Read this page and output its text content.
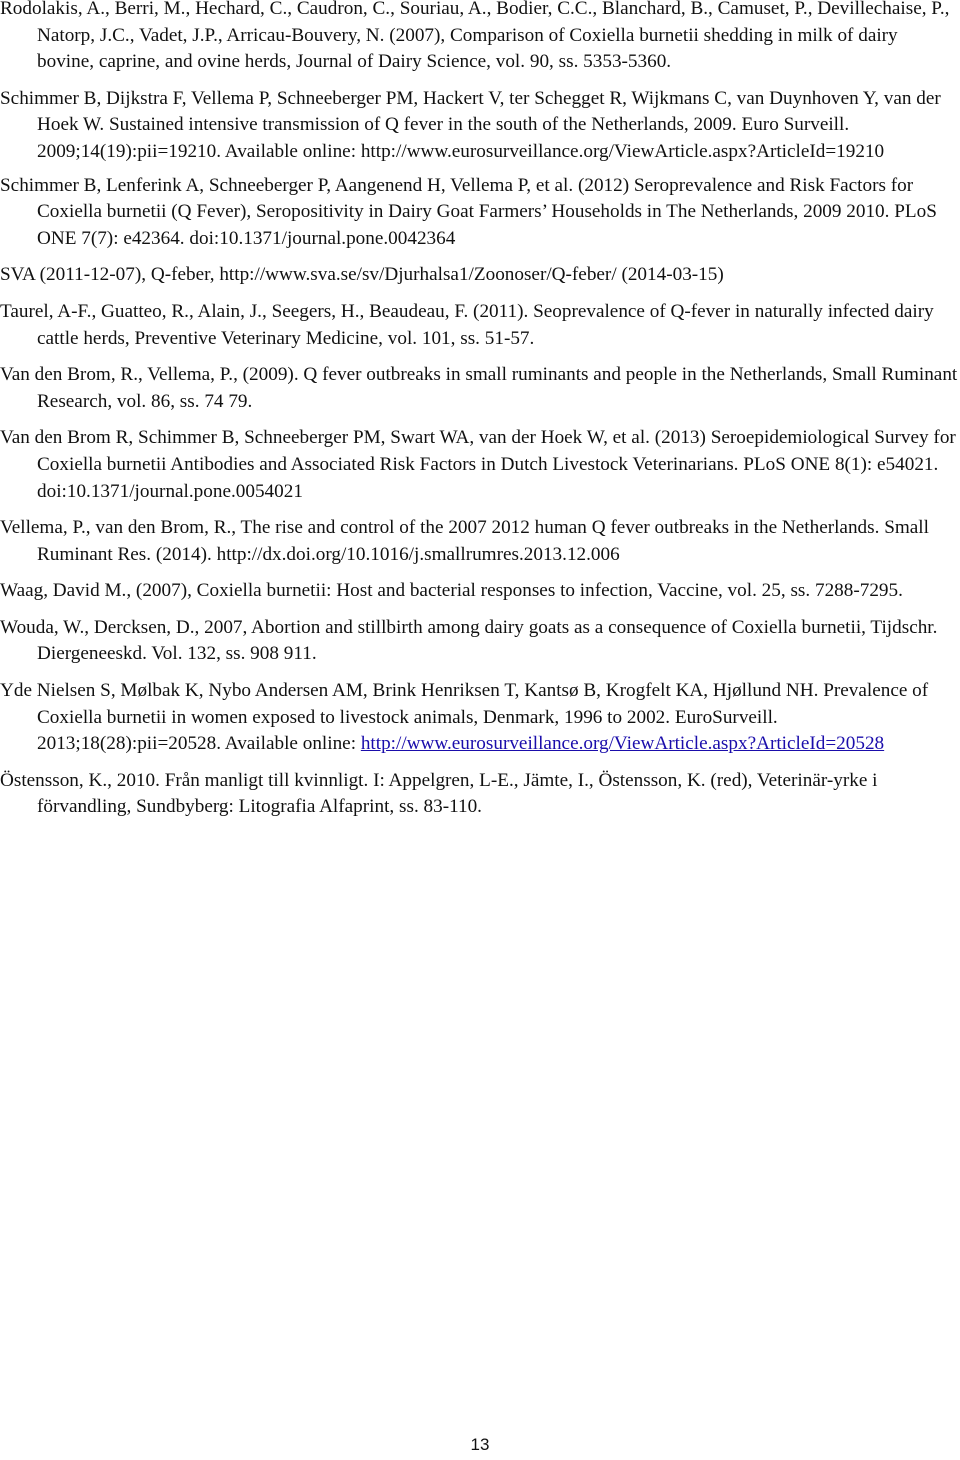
Rodolakis, A., Berri, M., Hechard, C., Caudron, C., Souriau, A., Bodier, C.C., Blanchard, B., Camuset, P., Devillechaise, P., Natorp, J.C., Vadet, J.P., Arricau-Bouvery, N. (2007), Comparison of Coxiella burnetii shedding in milk of dairy bovine, caprine, and ovine herds, Journal of Dairy Science, vol. 90, ss. 5353-5360.
Schimmer B, Dijkstra F, Vellema P, Schneeberger PM, Hackert V, ter Schegget R, Wijkmans C, van Duynhoven Y, van der Hoek W. Sustained intensive transmission of Q fever in the south of the Netherlands, 2009. Euro Surveill. 2009;14(19):pii=19210. Available online: http://www.eurosurveillance.org/ViewArticle.aspx?ArticleId=19210
Schimmer B, Lenferink A, Schneeberger P, Aangenend H, Vellema P, et al. (2012) Seroprevalence and Risk Factors for Coxiella burnetii (Q Fever), Seropositivity in Dairy Goat Farmers’ Households in The Netherlands, 2009 2010. PLoS ONE 7(7): e42364. doi:10.1371/journal.pone.0042364
SVA (2011-12-07), Q-feber, http://www.sva.se/sv/Djurhalsa1/Zoonoser/Q-feber/ (2014-03-15)
Taurel, A-F., Guatteo, R., Alain, J., Seegers, H., Beaudeau, F. (2011). Seoprevalence of Q-fever in naturally infected dairy cattle herds, Preventive Veterinary Medicine, vol. 101, ss. 51-57.
Van den Brom, R., Vellema, P., (2009). Q fever outbreaks in small ruminants and people in the Netherlands, Small Ruminant Research, vol. 86, ss. 74 79.
Van den Brom R, Schimmer B, Schneeberger PM, Swart WA, van der Hoek W, et al. (2013) Seroepidemiological Survey for Coxiella burnetii Antibodies and Associated Risk Factors in Dutch Livestock Veterinarians. PLoS ONE 8(1): e54021. doi:10.1371/journal.pone.0054021
Vellema, P., van den Brom, R., The rise and control of the 2007 2012 human Q fever outbreaks in the Netherlands. Small Ruminant Res. (2014). http://dx.doi.org/10.1016/j.smallrumres.2013.12.006
Waag, David M., (2007), Coxiella burnetii: Host and bacterial responses to infection, Vaccine, vol. 25, ss. 7288-7295.
Wouda, W., Dercksen, D., 2007, Abortion and stillbirth among dairy goats as a consequence of Coxiella burnetii, Tijdschr. Diergeneeskd. Vol. 132, ss. 908 911.
Yde Nielsen S, Mølbak K, Nybo Andersen AM, Brink Henriksen T, Kantsø B, Krogfelt KA, Hjøllund NH. Prevalence of Coxiella burnetii in women exposed to livestock animals, Denmark, 1996 to 2002. EuroSurveill. 2013;18(28):pii=20528. Available online: http://www.eurosurveillance.org/ViewArticle.aspx?ArticleId=20528
Östensson, K., 2010. Från manligt till kvinnligt. I: Appelgren, L-E., Jämte, I., Östensson, K. (red), Veterinär-yrke i förvandling, Sundbyberg: Litografia Alfaprint, ss. 83-110.
13
